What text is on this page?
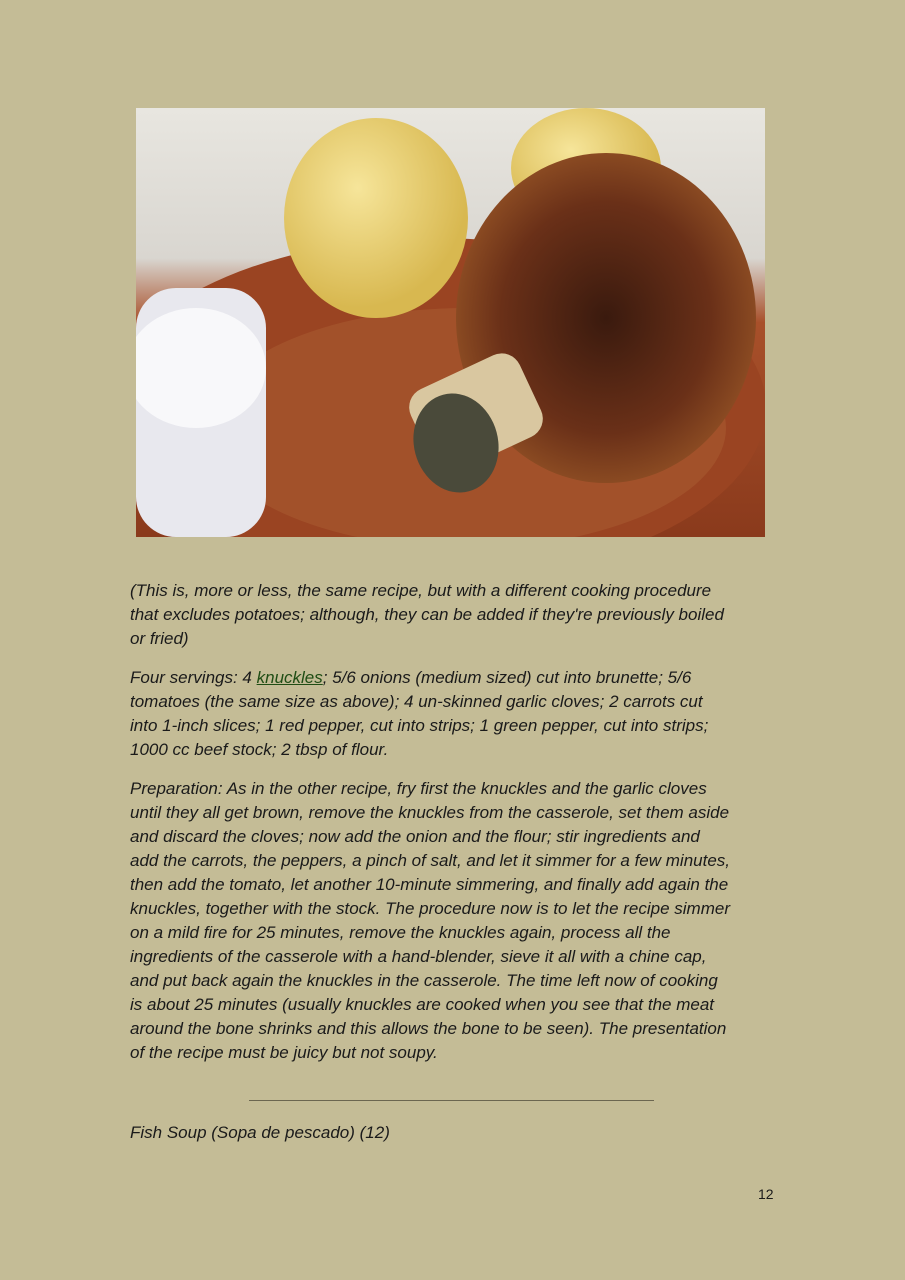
(This is, more or less, the same recipe, but with a different cooking procedure
that excludes potatoes; although, they can be added if they're previously boiled
or fried)
Four servings: 4 knuckles; 5/6 onions (medium sized) cut into brunette; 5/6
tomatoes (the same size as above); 4 un-skinned garlic cloves; 2 carrots cut
into 1-inch slices; 1 red pepper, cut into strips; 1 green pepper, cut into strips;
1000 cc beef stock; 2 tbsp of flour.
Preparation: As in the other recipe, fry first the knuckles and the garlic cloves
until they all get brown, remove the knuckles from the casserole, set them aside
and discard the cloves; now add the onion and the flour; stir ingredients and
add the carrots, the peppers, a pinch of salt, and let it simmer for a few minutes,
then add the tomato, let another 10-minute simmering, and finally add again the
knuckles, together with the stock. The procedure now is to let the recipe simmer
on a mild fire for 25 minutes, remove the knuckles again, process all the
ingredients of the casserole with a hand-blender, sieve it all with a chine cap,
and put back again the knuckles in the casserole. The time left now of cooking
is about 25 minutes (usually knuckles are cooked when you see that the meat
around the bone shrinks and this allows the bone to be seen). The presentation
of the recipe must be juicy but not soupy.
Fish Soup (Sopa de pescado) (12)
12
